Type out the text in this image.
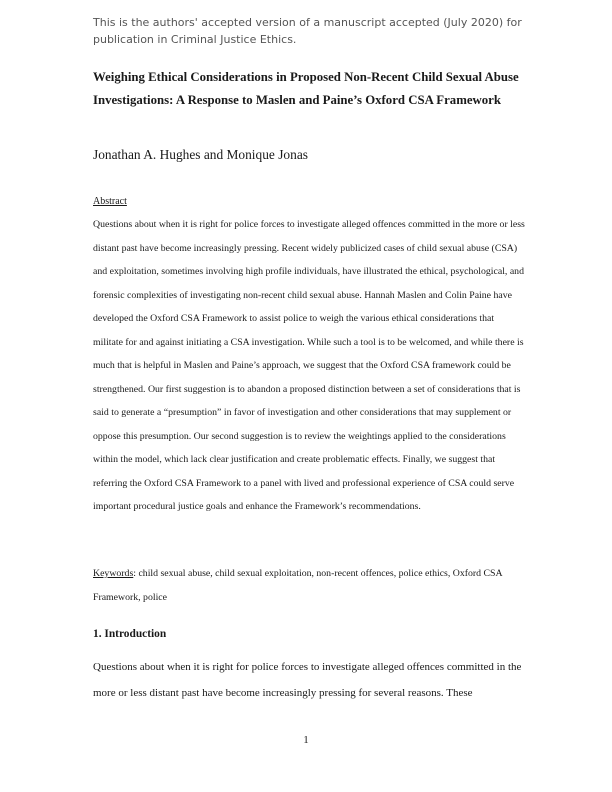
This is the authors' accepted version of a manuscript accepted (July 2020) for publication in Criminal Justice Ethics.
Weighing Ethical Considerations in Proposed Non-Recent Child Sexual Abuse Investigations: A Response to Maslen and Paine’s Oxford CSA Framework
Jonathan A. Hughes and Monique Jonas
Abstract
Questions about when it is right for police forces to investigate alleged offences committed in the more or less distant past have become increasingly pressing. Recent widely publicized cases of child sexual abuse (CSA) and exploitation, sometimes involving high profile individuals, have illustrated the ethical, psychological, and forensic complexities of investigating non-recent child sexual abuse. Hannah Maslen and Colin Paine have developed the Oxford CSA Framework to assist police to weigh the various ethical considerations that militate for and against initiating a CSA investigation. While such a tool is to be welcomed, and while there is much that is helpful in Maslen and Paine’s approach, we suggest that the Oxford CSA framework could be strengthened. Our first suggestion is to abandon a proposed distinction between a set of considerations that is said to generate a “presumption” in favor of investigation and other considerations that may supplement or oppose this presumption. Our second suggestion is to review the weightings applied to the considerations within the model, which lack clear justification and create problematic effects. Finally, we suggest that referring the Oxford CSA Framework to a panel with lived and professional experience of CSA could serve important procedural justice goals and enhance the Framework’s recommendations.
Keywords: child sexual abuse, child sexual exploitation, non-recent offences, police ethics, Oxford CSA Framework, police
1. Introduction
Questions about when it is right for police forces to investigate alleged offences committed in the more or less distant past have become increasingly pressing for several reasons. These
1
